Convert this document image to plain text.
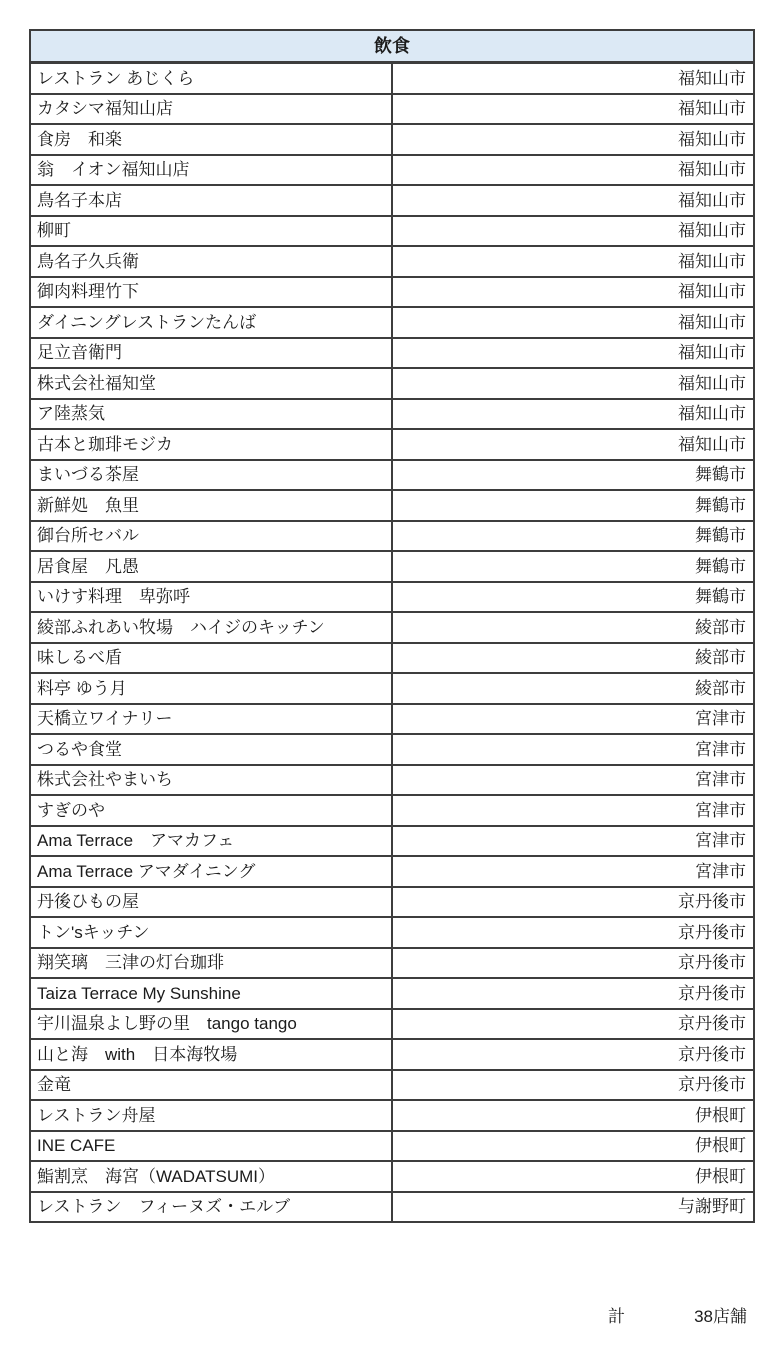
飲食	
レストラン あじくら	福知山市
カタシマ福知山店	福知山市
食房　和楽	福知山市
翁　イオン福知山店	福知山市
鳥名子本店	福知山市
柳町	福知山市
鳥名子久兵衛	福知山市
御肉料理竹下	福知山市
ダイニングレストランたんば	福知山市
足立音衛門	福知山市
株式会社福知堂	福知山市
ア陸蒸気	福知山市
古本と珈琲モジカ	福知山市
まいづる茶屋	舞鶴市
新鮮処　魚里	舞鶴市
御台所セバル	舞鶴市
居食屋　凡愚	舞鶴市
いけす料理　卑弥呼	舞鶴市
綾部ふれあい牧場　ハイジのキッチン	綾部市
味しるべ盾	綾部市
料亭 ゆう月	綾部市
天橋立ワイナリー	宮津市
つるや食堂	宮津市
株式会社やまいち	宮津市
すぎのや	宮津市
Ama Terrace　アマカフェ	宮津市
Ama Terrace アマダイニング	宮津市
丹後ひもの屋	京丹後市
トン'sキッチン	京丹後市
翔笑璃　三津の灯台珈琲	京丹後市
Taiza Terrace My Sunshine	京丹後市
宇川温泉よし野の里　tango tango	京丹後市
山と海　with　日本海牧場	京丹後市
金竜	京丹後市
レストラン舟屋	伊根町
INE CAFE	伊根町
鮨割烹　海宮（WADATSUMI）	伊根町
レストラン　フィーヌズ・エルブ	与謝野町
計	38店舗
